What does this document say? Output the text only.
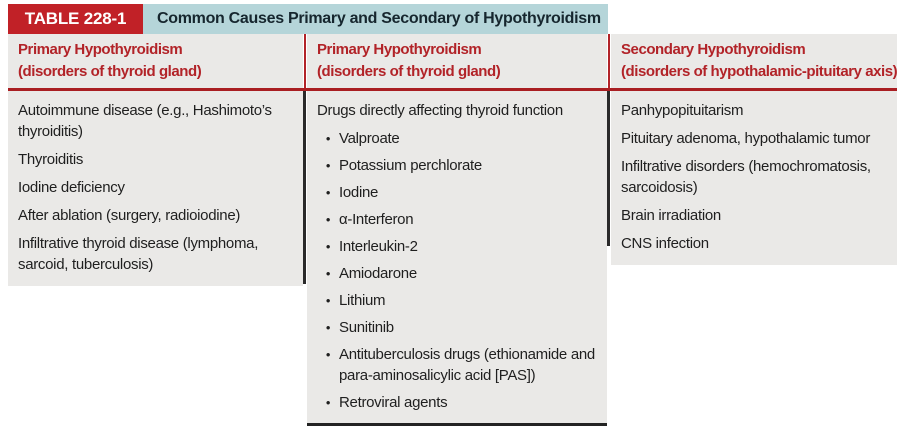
TABLE 228-1	Common Causes Primary and Secondary of Hypothyroidism
Primary Hypothyroidism
(disorders of thyroid gland)
Primary Hypothyroidism
(disorders of thyroid gland)
Secondary Hypothyroidism
(disorders of hypothalamic-pituitary axis)

Autoimmune disease (e.g., Hashimoto’s thyroiditis)

Thyroiditis

Iodine deficiency

After ablation (surgery, radioiodine)

Infiltrative thyroid disease (lymphoma, sarcoid, tuberculosis)

Drugs directly affecting thyroid function

• Valproate
• Potassium perchlorate
• Iodine
• α-Interferon
• Interleukin-2
• Amiodarone
• Lithium
• Sunitinib
• Antituberculosis drugs (ethionamide and para-aminosalicylic acid [PAS])
• Retroviral agents

Panhypopituitarism

Pituitary adenoma, hypothalamic tumor

Infiltrative disorders (hemochromatosis, sarcoidosis)

Brain irradiation

CNS infection
